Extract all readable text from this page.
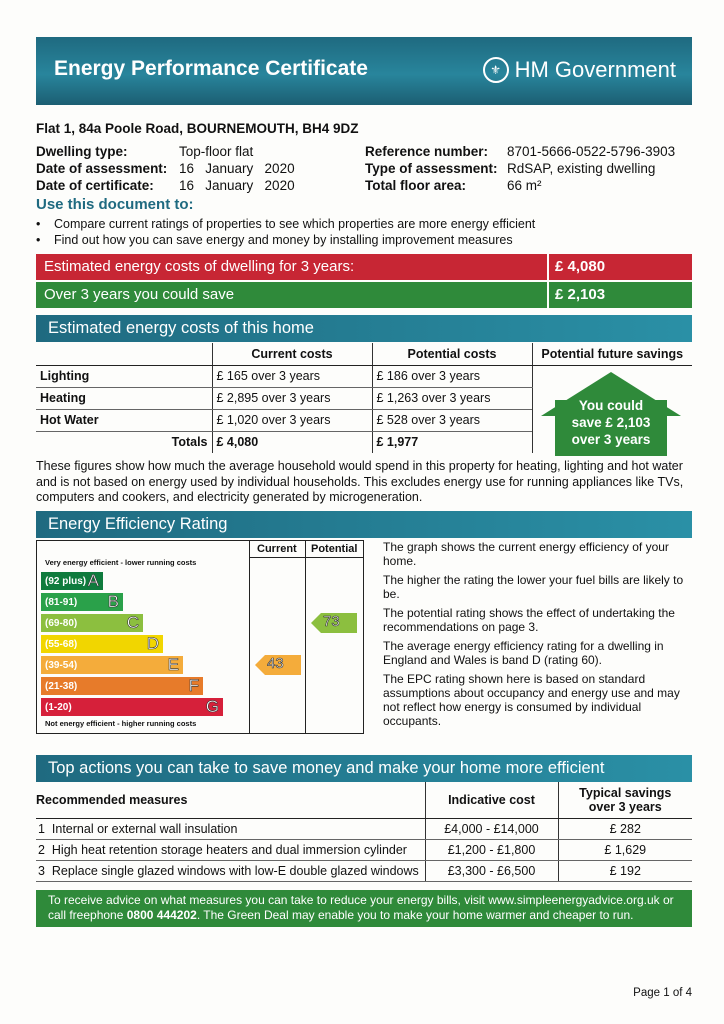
Energy Performance Certificate	⚜ HM Government
Flat 1, 84a Poole Road, BOURNEMOUTH, BH4 9DZ
Dwelling type:	Top-floor flat
Date of assessment: 16   January   2020
Date of certificate:	16   January   2020
Reference number:	8701-5666-0522-5796-3903
Type of assessment: RdSAP, existing dwelling
Total floor area:	66 m²
Use this document to:
•	Compare current ratings of properties to see which properties are more energy efficient
•	Find out how you can save energy and money by installing improvement measures
Estimated energy costs of dwelling for 3 years:	£ 4,080
Over 3 years you could save	£ 2,103
Estimated energy costs of this home
	Current costs	Potential costs	Potential future savings
Lighting	£ 165 over 3 years	£ 186 over 3 years	
Heating	£ 2,895 over 3 years	£ 1,263 over 3 years	
Hot Water	£ 1,020 over 3 years	£ 528 over 3 years	
Totals	£ 4,080	£ 1,977	
You could
save £ 2,103
over 3 years
These figures show how much the average household would spend in this property for heating, lighting and hot water and is not based on energy used by individual households. This excludes energy use for running appliances like TVs, computers and cookers, and electricity generated by microgeneration.
Energy Efficiency Rating
Current Potential
Very energy efficient - lower running costs
Not energy efficient - higher running costs
(92 plus) A
(81-91) B
(69-80)	C
(55-68)	D
(39-54)	E
(21-38)	F
(1-20)	G
43
73

The graph shows the current energy efficiency of your home.

The higher the rating the lower your fuel bills are likely to be.

The potential rating shows the effect of undertaking the recommendations on page 3.

The average energy efficiency rating for a dwelling in England and Wales is band D (rating 60).

The EPC rating shown here is based on standard assumptions about occupancy and energy use and may not reflect how energy is consumed by individual occupants.

Top actions you can take to save money and make your home more efficient
Recommended measures	Indicative cost	Typical savings
over 3 years

1 Internal or external wall insulation	£4,000 - £14,000	£ 282
2 High heat retention storage heaters and dual immersion cylinder	£1,200 - £1,800	£ 1,629
3 Replace single glazed windows with low-E double glazed windows	£3,300 - £6,500	£ 192
To receive advice on what measures you can take to reduce your energy bills, visit www.simpleenergyadvice.org.uk or call freephone 0800 444202. The Green Deal may enable you to make your home warmer and cheaper to run.
Page 1 of 4
